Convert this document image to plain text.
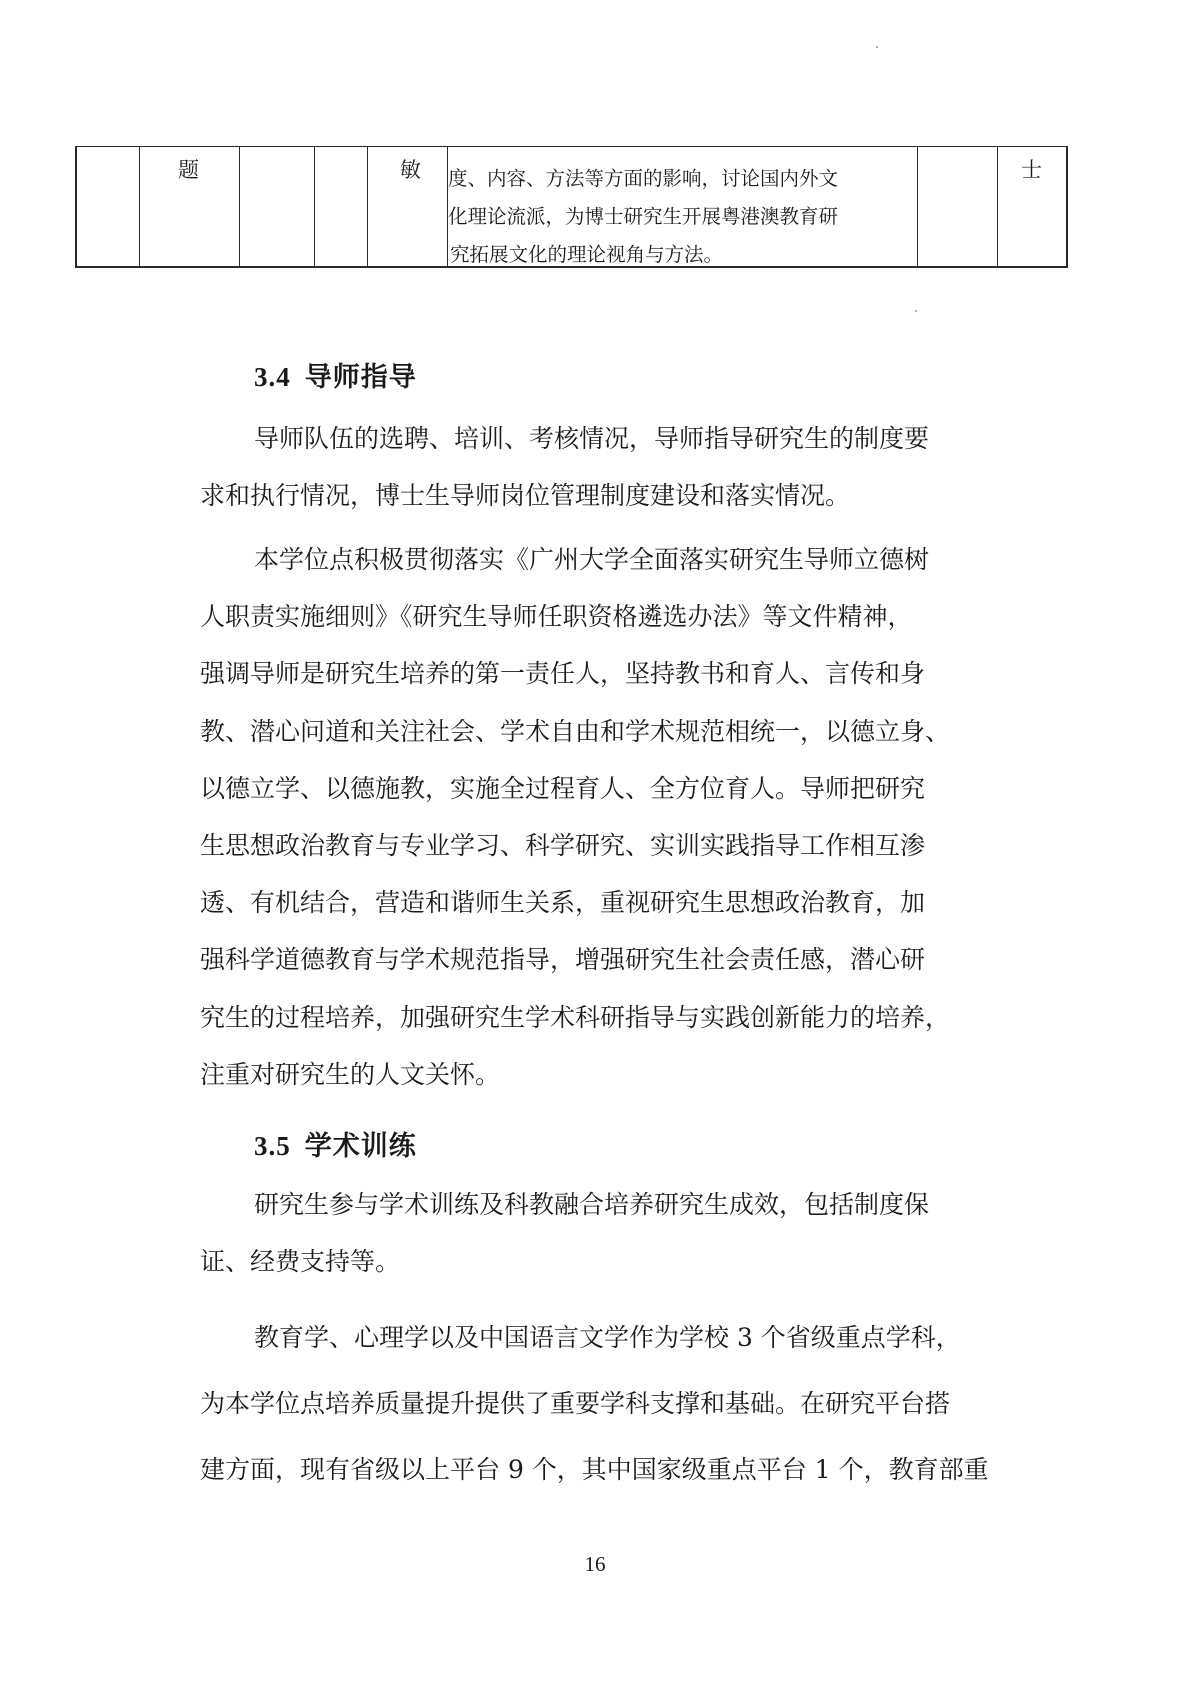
题	敏 度、内容、方法等方面的影响，讨论国内外文
化理论流派，为博士研究生开展粤港澳教育研
究拓展文化的理论视角与方法。

士
3.4 导师指导

导师队伍的选聘、培训、考核情况，导师指导研究生的制度要
求和执行情况，博士生导师岗位管理制度建设和落实情况。

本学位点积极贯彻落实《广州大学全面落实研究生导师立德树
人职责实施细则》《研究生导师任职资格遴选办法》等文件精神，
强调导师是研究生培养的第一责任人，坚持教书和育人、言传和身
教、潜心问道和关注社会、学术自由和学术规范相统一，以德立身、
以德立学、以德施教，实施全过程育人、全方位育人。导师把研究
生思想政治教育与专业学习、科学研究、实训实践指导工作相互渗
透、有机结合，营造和谐师生关系，重视研究生思想政治教育，加
强科学道德教育与学术规范指导，增强研究生社会责任感，潜心研
究生的过程培养，加强研究生学术科研指导与实践创新能力的培养，
注重对研究生的人文关怀。

3.5 学术训练

研究生参与学术训练及科教融合培养研究生成效，包括制度保
证、经费支持等。

教育学、心理学以及中国语言文学作为学校 3 个省级重点学科，
为本学位点培养质量提升提供了重要学科支撑和基础。在研究平台搭
建方面，现有省级以上平台 9 个，其中国家级重点平台 1 个，教育部重

16
